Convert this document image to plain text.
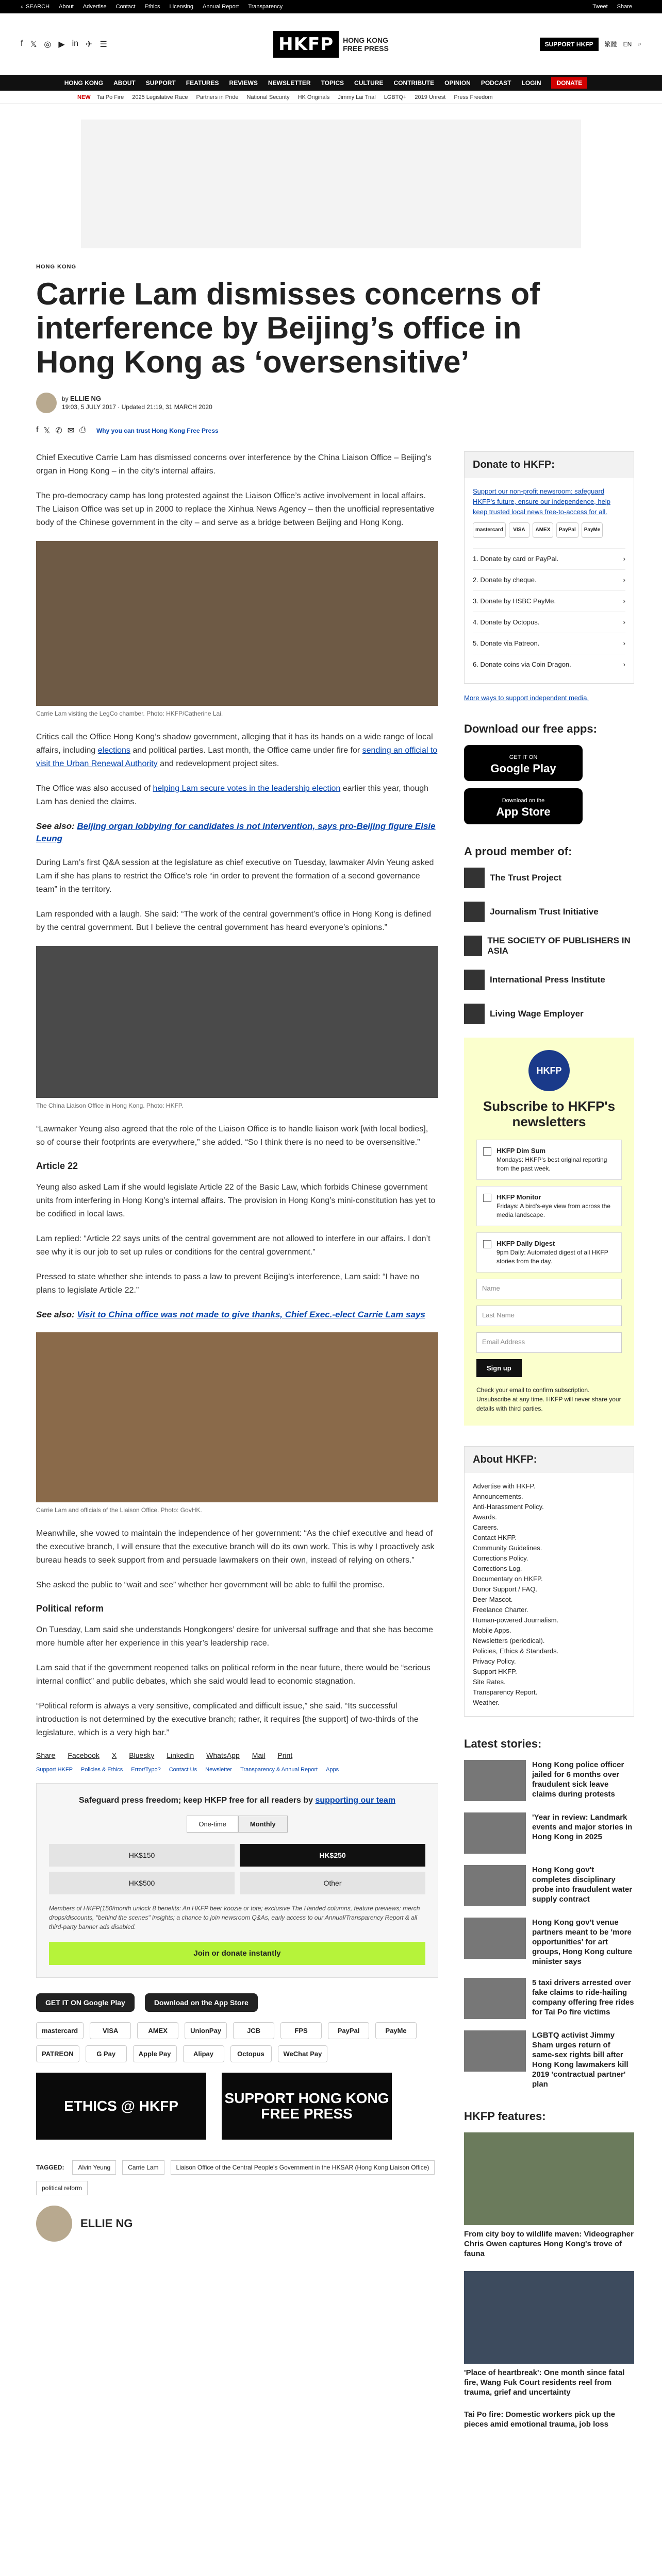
⌕ SEARCH About Advertise Contact Ethics Licensing Annual Report Transparency	Tweet Share
f 𝕏 ◎ ▶ in ✈ ☰	HKFP	HONG KONG
FREE PRESS	SUPPORT HKFP	繁體 EN ⌕
HONG KONG ABOUT SUPPORT FEATURES REVIEWS NEWSLETTER TOPICS CULTURE CONTRIBUTE OPINION PODCAST LOGIN	DONATE
NEW Tai Po Fire 2025 Legislative Race Partners in Pride National Security HK Originals Jimmy Lai Trial LGBTQ+ 2019 Unrest Press Freedom
HONG KONG
Carrie Lam dismisses concerns of interference by Beijing’s office in Hong Kong as ‘oversensitive’
by ELLIE NG
19:03, 5 JULY 2017 · Updated 21:19, 31 MARCH 2020
f 𝕏 ✆ ✉ ⎙ Why you can trust Hong Kong Free Press

Chief Executive Carrie Lam has dismissed concerns over interference by the China Liaison Office – Beijing’s organ in Hong Kong – in the city’s internal affairs.

The pro-democracy camp has long protested against the Liaison Office’s active involvement in local affairs. The Liaison Office was set up in 2000 to replace the Xinhua News Agency – then the unofficial representative body of the Chinese government in the city – and serve as a bridge between Beijing and Hong Kong.

Carrie Lam visiting the LegCo chamber. Photo: HKFP/Catherine Lai.

Critics call the Office Hong Kong’s shadow government, alleging that it has its hands on a wide range of local affairs, including elections and political parties. Last month, the Office came under fire for sending an official to visit the Urban Renewal Authority and redevelopment project sites.

The Office was also accused of helping Lam secure votes in the leadership election earlier this year, though Lam has denied the claims.

See also: Beijing organ lobbying for candidates is not intervention, says pro-Beijing figure Elsie Leung

During Lam’s first Q&A session at the legislature as chief executive on Tuesday, lawmaker Alvin Yeung asked Lam if she has plans to restrict the Office’s role “in order to prevent the formation of a second governance team” in the territory.

Lam responded with a laugh. She said: “The work of the central government’s office in Hong Kong is defined by the central government. But I believe the central government has heard everyone’s opinions.”

The China Liaison Office in Hong Kong. Photo: HKFP.

“Lawmaker Yeung also agreed that the role of the Liaison Office is to handle liaison work [with local bodies], so of course their footprints are everywhere,” she added. “So I think there is no need to be oversensitive.”

Article 22

Yeung also asked Lam if she would legislate Article 22 of the Basic Law, which forbids Chinese government units from interfering in Hong Kong’s internal affairs. The provision in Hong Kong’s mini-constitution has yet to be codified in local laws.

Lam replied: “Article 22 says units of the central government are not allowed to interfere in our affairs. I don’t see why it is our job to set up rules or conditions for the central government.”

Pressed to state whether she intends to pass a law to prevent Beijing’s interference, Lam said: “I have no plans to legislate Article 22.”

See also: Visit to China office was not made to give thanks, Chief Exec.-elect Carrie Lam says
Carrie Lam and officials of the Liaison Office. Photo: GovHK.

Meanwhile, she vowed to maintain the independence of her government: “As the chief executive and head of the executive branch, I will ensure that the executive branch will do its own work. This is why I proactively ask bureau heads to seek support from and persuade lawmakers on their own, instead of relying on others.”

She asked the public to “wait and see” whether her government will be able to fulfil the promise.

Political reform

On Tuesday, Lam said she understands Hongkongers’ desire for universal suffrage and that she has become more humble after her experience in this year’s leadership race.

Lam said that if the government reopened talks on political reform in the near future, there would be “serious internal conflict” and public debates, which she said would lead to economic stagnation.

“Political reform is always a very sensitive, complicated and difficult issue,” she said. “Its successful introduction is not determined by the executive branch; rather, it requires [the support] of two-thirds of the legislature, which is a very high bar.”

Share Facebook X Bluesky LinkedIn WhatsApp Mail Print
Support HKFP Policies & Ethics Error/Typo? Contact Us Newsletter Transparency & Annual Report Apps
Safeguard press freedom; keep HKFP free for all readers by supporting our team
One-time	Monthly
HK$150	HK$250
HK$500	Other
Members of HKFP(150/month unlock 8 benefits: An HKFP beer koozie or tote; exclusive The Handed columns, feature previews; merch drops/discounts, "behind the scenes" insights; a chance to join newsroom Q&As, early access to our Annual/Transparency Report & all third-party banner ads disabled.
Join or donate instantly
GET IT ON Google Play	Download on the App Store
mastercard	VISA	AMEX	UnionPay	JCB	FPS	PayPal	PayMe
PATREON	G Pay	Apple Pay	Alipay	Octopus	WeChat Pay
ETHICS @ HKFP	SUPPORT HONG KONG FREE PRESS
TAGGED:	Alvin Yeung	Carrie Lam	Liaison Office of the Central People's Government in the HKSAR (Hong Kong Liaison Office)
political reform
ELLIE NG
Donate to HKFP:
Support our non-profit newsroom: safeguard HKFP's future, ensure our independence, help keep trusted local news free-to-access for all.
mastercard	VISA	AMEX	PayPal	PayMe
1. Donate by card or PayPal.	›
2. Donate by cheque.	›
3. Donate by HSBC PayMe.	›
4. Donate by Octopus.	›
5. Donate via Patreon.	›
6. Donate coins via Coin Dragon.	›
More ways to support independent media.
Download our free apps:
GET IT ON
Google Play
Download on the
App Store
A proud member of:
The Trust Project
Journalism Trust Initiative
THE SOCIETY OF PUBLISHERS IN ASIA
International Press Institute
Living Wage Employer
HKFP
Subscribe to HKFP's newsletters
HKFP Dim Sum
Mondays: HKFP's best original reporting from the past week.
HKFP Monitor
Fridays: A bird's-eye view from across the media landscape.
HKFP Daily Digest
9pm Daily: Automated digest of all HKFP stories from the day.
Name
Last Name
Email Address
Sign up
Check your email to confirm subscription. Unsubscribe at any time. HKFP will never share your details with third parties.
About HKFP:
Advertise with HKFP.
Announcements.
Anti-Harassment Policy.
Awards.
Careers.
Contact HKFP.
Community Guidelines.
Corrections Policy.
Corrections Log.
Documentary on HKFP.
Donor Support / FAQ.
Deer Mascot.
Freelance Charter.
Human-powered Journalism.
Mobile Apps.
Newsletters (periodical).
Policies, Ethics & Standards.
Privacy Policy.
Support HKFP.
Site Rates.
Transparency Report.
Weather.
Latest stories:
Hong Kong police officer jailed for 6 months over fraudulent sick leave claims during protests
'Year in review: Landmark events and major stories in Hong Kong in 2025
Hong Kong gov't completes disciplinary probe into fraudulent water supply contract
Hong Kong gov't venue partners meant to be 'more opportunities' for art groups, Hong Kong culture minister says
5 taxi drivers arrested over fake claims to ride-hailing company offering free rides for Tai Po fire victims
LGBTQ activist Jimmy Sham urges return of same-sex rights bill after Hong Kong lawmakers kill 2019 'contractual partner' plan
HKFP features:
From city boy to wildlife maven: Videographer Chris Owen captures Hong Kong's trove of fauna
'Place of heartbreak': One month since fatal fire, Wang Fuk Court residents reel from trauma, grief and uncertainty
Tai Po fire: Domestic workers pick up the pieces amid emotional trauma, job loss
